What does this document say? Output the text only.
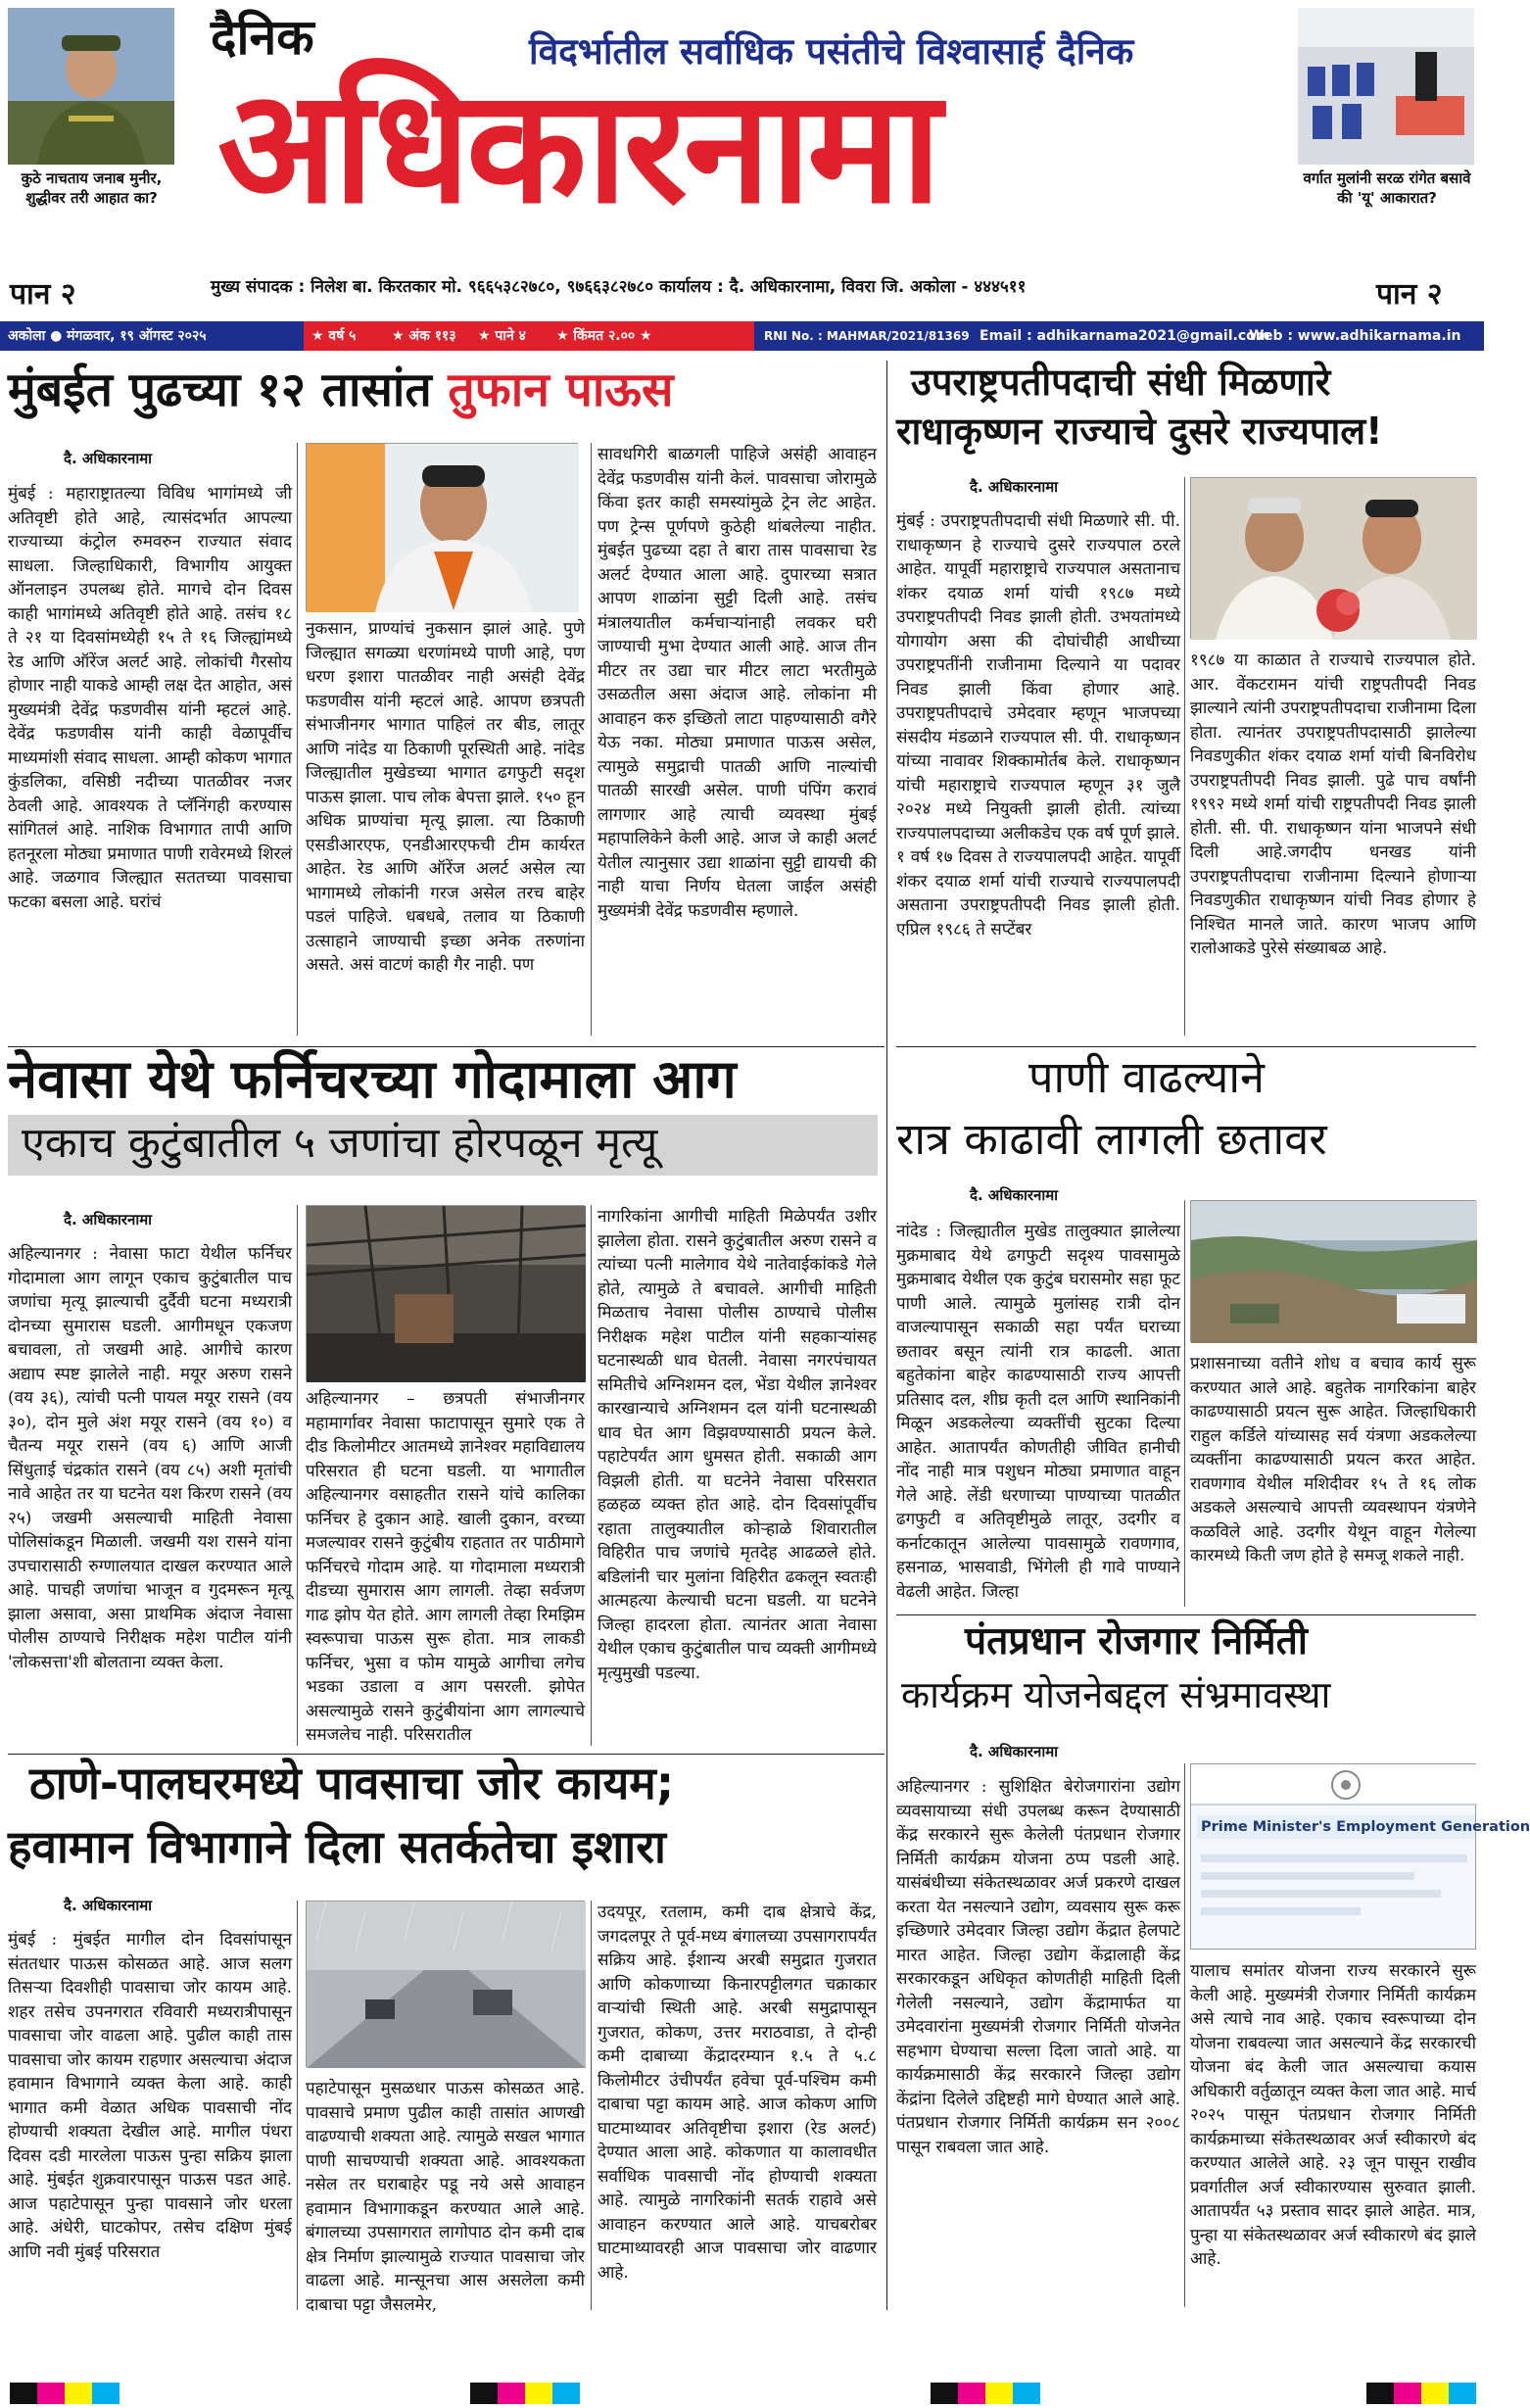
कुठे नाचताय जनाब मुनीर, शुद्धीवर तरी आहात का?
दैनिक	विदर्भातील सर्वाधिक पसंतीचे विश्वासार्ह दैनिक
अधिकारनामा	वर्गात मुलांनी सरळ रांगेत बसावे की 'यू' आकारात?
पान २	मुख्य संपादक : निलेश बा. किरतकार मो. ९६६५३८२७८०, ९७६६३८२७८० कार्यालय : दै. अधिकारनामा, विवरा जि. अकोला - ४४४५११	पान २
अकोला ● मंगळवार, १९ ऑगस्ट २०२५	★ वर्ष ५	★ अंक ११३ ★ पाने ४ ★ किंमत २.०० ★	RNI No. : MAHMAR/2021/81369 Email : adhikarnama2021@gmail.com
Web : www.adhikarnama.in
मुंबईत पुढच्या १२ तासांत तुफान पाऊस
दै. अधिकारनामा
मुंबई : महाराष्ट्रातल्या विविध भागांमध्ये जी अतिवृष्टी होते आहे, त्यासंदर्भात आपल्या राज्याच्या कंट्रोल रुमवरुन राज्यात संवाद साधला. जिल्हाधिकारी, विभागीय आयुक्त ऑनलाइन उपलब्ध होते. मागचे दोन दिवस काही भागांमध्ये अतिवृष्टी होते आहे. तसंच १८ ते २१ या दिवसांमध्येही १५ ते १६ जिल्ह्यांमध्ये रेड आणि ऑरेंज अलर्ट आहे. लोकांची गैरसोय होणार नाही याकडे आम्ही लक्ष देत आहोत, असं मुख्यमंत्री देवेंद्र फडणवीस यांनी म्हटलं आहे. देवेंद्र फडणवीस यांनी काही वेळापूर्वीच माध्यमांशी संवाद साधला. आम्ही कोकण भागात कुंडलिका, वसिष्ठी नदीच्या पातळीवर नजर ठेवली आहे. आवश्यक ते प्लॅनिंगही करण्यास सांगितलं आहे. नाशिक विभागात तापी आणि हतनूरला मोठ्या प्रमाणात पाणी रावेरमध्ये शिरलं आहे. जळगाव जिल्ह्यात सततच्या पावसाचा फटका बसला आहे. घरांचं
नुकसान, प्राण्यांचं नुकसान झालं आहे. पुणे जिल्ह्यात सगळ्या धरणांमध्ये पाणी आहे, पण धरण इशारा पातळीवर नाही असंही देवेंद्र फडणवीस यांनी म्हटलं आहे. आपण छत्रपती संभाजीनगर भागात पाहिलं तर बीड, लातूर आणि नांदेड या ठिकाणी पूरस्थिती आहे. नांदेड जिल्ह्यातील मुखेडच्या भागात ढगफुटी सदृश पाऊस झाला. पाच लोक बेपत्ता झाले. १५० हून अधिक प्राण्यांचा मृत्यू झाला. त्या ठिकाणी एसडीआरएफ, एनडीआरएफची टीम कार्यरत आहेत. रेड आणि ऑरेंज अलर्ट असेल त्या भागामध्ये लोकांनी गरज असेल तरच बाहेर पडलं पाहिजे. धबधबे, तलाव या ठिकाणी उत्साहाने जाण्याची इच्छा अनेक तरुणांना असते. असं वाटणं काही गैर नाही. पण
सावधगिरी बाळगली पाहिजे असंही आवाहन देवेंद्र फडणवीस यांनी केलं. पावसाचा जोरामुळे किंवा इतर काही समस्यांमुळे ट्रेन लेट आहेत. पण ट्रेन्स पूर्णपणे कुठेही थांबलेल्या नाहीत. मुंबईत पुढच्या दहा ते बारा तास पावसाचा रेड अलर्ट देण्यात आला आहे. दुपारच्या सत्रात आपण शाळांना सुट्टी दिली आहे. तसंच मंत्रालयातील कर्मचाऱ्यांनाही लवकर घरी जाण्याची मुभा देण्यात आली आहे. आज तीन मीटर तर उद्या चार मीटर लाटा भरतीमुळे उसळतील असा अंदाज आहे. लोकांना मी आवाहन करु इच्छितो लाटा पाहण्यासाठी वगैरे येऊ नका. मोठ्या प्रमाणात पाऊस असेल, त्यामुळे समुद्राची पातळी आणि नाल्यांची पातळी सारखी असेल. पाणी पंपिंग करावं लागणार आहे त्याची व्यवस्था मुंबई महापालिकेने केली आहे. आज जे काही अलर्ट येतील त्यानुसार उद्या शाळांना सुट्टी द्यायची की नाही याचा निर्णय घेतला जाईल असंही मुख्यमंत्री देवेंद्र फडणवीस म्हणाले.
उपराष्ट्रपतीपदाची संधी मिळणारे
राधाकृष्णन राज्याचे दुसरे राज्यपाल!
दै. अधिकारनामा
मुंबई : उपराष्ट्रपतीपदाची संधी मिळणारे सी. पी. राधाकृष्णन हे राज्याचे दुसरे राज्यपाल ठरले आहेत. यापूर्वी महाराष्ट्राचे राज्यपाल असतानाच शंकर दयाळ शर्मा यांची १९८७ मध्ये उपराष्ट्रपतीपदी निवड झाली होती. उभयतांमध्ये योगायोग असा की दोघांचीही आधीच्या उपराष्ट्रपतींनी राजीनामा दिल्याने या पदावर निवड झाली किंवा होणार आहे. उपराष्ट्रपतीपदाचे उमेदवार म्हणून भाजपच्या संसदीय मंडळाने राज्यपाल सी. पी. राधाकृष्णन यांच्या नावावर शिक्कामोर्तब केले. राधाकृष्णन यांची महाराष्ट्राचे राज्यपाल म्हणून ३१ जुलै २०२४ मध्ये नियुक्ती झाली होती. त्यांच्या राज्यपालपदाच्या अलीकडेच एक वर्ष पूर्ण झाले. १ वर्ष १७ दिवस ते राज्यपालपदी आहेत. यापूर्वी शंकर दयाळ शर्मा यांची राज्याचे राज्यपालपदी असताना उपराष्ट्रपतीपदी निवड झाली होती. एप्रिल १९८६ ते सप्टेंबर
१९८७ या काळात ते राज्याचे राज्यपाल होते. आर. वेंकटरामन यांची राष्ट्रपतीपदी निवड झाल्याने त्यांनी उपराष्ट्रपतीपदाचा राजीनामा दिला होता. त्यानंतर उपराष्ट्रपतीपदासाठी झालेल्या निवडणुकीत शंकर दयाळ शर्मा यांची बिनविरोध उपराष्ट्रपतीपदी निवड झाली. पुढे पाच वर्षांनी १९९२ मध्ये शर्मा यांची राष्ट्रपतीपदी निवड झाली होती. सी. पी. राधाकृष्णन यांना भाजपने संधी दिली आहे.जगदीप धनखड यांनी उपराष्ट्रपतीपदाचा राजीनामा दिल्याने होणाऱ्या निवडणुकीत राधाकृष्णन यांची निवड होणार हे निश्चित मानले जाते. कारण भाजप आणि रालोआकडे पुरेसे संख्याबळ आहे.
नेवासा येथे फर्निचरच्या गोदामाला आग
एकाच कुटुंबातील ५ जणांचा होरपळून मृत्यू
दै. अधिकारनामा
अहिल्यानगर : नेवासा फाटा येथील फर्निचर गोदामाला आग लागून एकाच कुटुंबातील पाच जणांचा मृत्यू झाल्याची दुर्दैवी घटना मध्यरात्री दोनच्या सुमारास घडली. आगीमधून एकजण बचावला, तो जखमी आहे. आगीचे कारण अद्याप स्पष्ट झालेले नाही. मयूर अरुण रासने (वय ३६), त्यांची पत्नी पायल मयूर रासने (वय ३०), दोन मुले अंश मयूर रासने (वय १०) व चैतन्य मयूर रासने (वय ६) आणि आजी सिंधुताई चंद्रकांत रासने (वय ८५) अशी मृतांची नावे आहेत तर या घटनेत यश किरण रासने (वय २५) जखमी असल्याची माहिती नेवासा पोलिसांकडून मिळाली. जखमी यश रासने यांना उपचारासाठी रुग्णालयात दाखल करण्यात आले आहे. पाचही जणांचा भाजून व गुदमरून मृत्यू झाला असावा, असा प्राथमिक अंदाज नेवासा पोलीस ठाण्याचे निरीक्षक महेश पाटील यांनी 'लोकसत्ता'शी बोलताना व्यक्त केला.
अहिल्यानगर – छत्रपती संभाजीनगर महामार्गावर नेवासा फाटापासून सुमारे एक ते दीड किलोमीटर आतमध्ये ज्ञानेश्वर महाविद्यालय परिसरात ही घटना घडली. या भागातील अहिल्यानगर वसाहतीत रासने यांचे कालिका फर्निचर हे दुकान आहे. खाली दुकान, वरच्या मजल्यावर रासने कुटुंबीय राहतात तर पाठीमागे फर्निचरचे गोदाम आहे. या गोदामाला मध्यरात्री दीडच्या सुमारास आग लागली. तेव्हा सर्वजण गाढ झोप येत होते. आग लागली तेव्हा रिमझिम स्वरूपाचा पाऊस सुरू होता. मात्र लाकडी फर्निचर, भुसा व फोम यामुळे आगीचा लगेच भडका उडाला व आग पसरली. झोपेत असल्यामुळे रासने कुटुंबीयांना आग लागल्याचे समजलेच नाही. परिसरातील
नागरिकांना आगीची माहिती मिळेपर्यंत उशीर झालेला होता. रासने कुटुंबातील अरुण रासने व त्यांच्या पत्नी मालेगाव येथे नातेवाईकांकडे गेले होते, त्यामुळे ते बचावले. आगीची माहिती मिळताच नेवासा पोलीस ठाण्याचे पोलीस निरीक्षक महेश पाटील यांनी सहकाऱ्यांसह घटनास्थळी धाव घेतली. नेवासा नगरपंचायत समितीचे अग्निशमन दल, भेंडा येथील ज्ञानेश्वर कारखान्याचे अग्निशमन दल यांनी घटनास्थळी धाव घेत आग विझवण्यासाठी प्रयत्न केले. पहाटेपर्यंत आग धुमसत होती. सकाळी आग विझली होती. या घटनेने नेवासा परिसरात हळहळ व्यक्त होत आहे. दोन दिवसांपूर्वीच रहाता तालुक्यातील कोऱ्हाळे शिवारातील विहिरीत पाच जणांचे मृतदेह आढळले होते. बडिलांनी चार मुलांना विहिरीत ढकलून स्वतःही आत्महत्या केल्याची घटना घडली. या घटनेने जिल्हा हादरला होता. त्यानंतर आता नेवासा येथील एकाच कुटुंबातील पाच व्यक्ती आगीमध्ये मृत्युमुखी पडल्या.
पाणी वाढल्याने
रात्र काढावी लागली छतावर
दै. अधिकारनामा
नांदेड : जिल्ह्यातील मुखेड तालुक्यात झालेल्या मुक्रमाबाद येथे ढगफुटी सदृश्य पावसामुळे मुक्रमाबाद येथील एक कुटुंब घरासमोर सहा फूट पाणी आले. त्यामुळे मुलांसह रात्री दोन वाजल्यापासून सकाळी सहा पर्यंत घराच्या छतावर बसून त्यांनी रात्र काढली. आता बहुतेकांना बाहेर काढण्यासाठी राज्य आपत्ती प्रतिसाद दल, शीघ्र कृती दल आणि स्थानिकांनी मिळून अडकलेल्या व्यक्तींची सुटका दिल्या आहेत. आतापर्यंत कोणतीही जीवित हानीची नोंद नाही मात्र पशुधन मोठ्या प्रमाणात वाहून गेले आहे. लेंडी धरणाच्या पाण्याच्या पातळीत ढगफुटी व अतिवृष्टीमुळे लातूर, उदगीर व कर्नाटकातून आलेल्या पावसामुळे रावणगाव, हसनाळ, भासवाडी, भिंगेली ही गावे पाण्याने वेढली आहेत. जिल्हा
प्रशासनाच्या वतीने शोध व बचाव कार्य सुरू करण्यात आले आहे. बहुतेक नागरिकांना बाहेर काढण्यासाठी प्रयत्न सुरू आहेत. जिल्हाधिकारी राहुल कर्डिले यांच्यासह सर्व यंत्रणा अडकलेल्या व्यक्तींना काढण्यासाठी प्रयत्न करत आहेत. रावणगाव येथील मशिदीवर १५ ते १६ लोक अडकले असल्याचे आपत्ती व्यवस्थापन यंत्रणेने कळविले आहे. उदगीर येथून वाहून गेलेल्या कारमध्ये किती जण होते हे समजू शकले नाही.
पंतप्रधान रोजगार निर्मिती
कार्यक्रम योजनेबद्दल संभ्रमावस्था
दै. अधिकारनामा
अहिल्यानगर : सुशिक्षित बेरोजगारांना उद्योग व्यवसायाच्या संधी उपलब्ध करून देण्यासाठी केंद्र सरकारने सुरू केलेली पंतप्रधान रोजगार निर्मिती कार्यक्रम योजना ठप्प पडली आहे. यासंबंधीच्या संकेतस्थळावर अर्ज प्रकरणे दाखल करता येत नसल्याने उद्योग, व्यवसाय सुरू करू इच्छिणारे उमेदवार जिल्हा उद्योग केंद्रात हेलपाटे मारत आहेत. जिल्हा उद्योग केंद्रालाही केंद्र सरकारकडून अधिकृत कोणतीही माहिती दिली गेलेली नसल्याने, उद्योग केंद्रामार्फत या उमेदवारांना मुख्यमंत्री रोजगार निर्मिती योजनेत सहभाग घेण्याचा सल्ला दिला जातो आहे. या कार्यक्रमासाठी केंद्र सरकारने जिल्हा उद्योग केंद्रांना दिलेले उद्दिष्टही मागे घेण्यात आले आहे. पंतप्रधान रोजगार निर्मिती कार्यक्रम सन २००८ पासून राबवला जात आहे.
Prime Minister's Employment Generation
यालाच समांतर योजना राज्य सरकारने सुरू केली आहे. मुख्यमंत्री रोजगार निर्मिती कार्यक्रम असे त्याचे नाव आहे. एकाच स्वरूपाच्या दोन योजना राबवल्या जात असल्याने केंद्र सरकारची योजना बंद केली जात असल्याचा कयास अधिकारी वर्तुळातून व्यक्त केला जात आहे. मार्च २०२५ पासून पंतप्रधान रोजगार निर्मिती कार्यक्रमाच्या संकेतस्थळावर अर्ज स्वीकारणे बंद करण्यात आलेले आहे. २३ जून पासून राखीव प्रवर्गातील अर्ज स्वीकारण्यास सुरुवात झाली. आतापर्यंत ५३ प्रस्ताव सादर झाले आहेत. मात्र, पुन्हा या संकेतस्थळावर अर्ज स्वीकारणे बंद झाले आहे.
ठाणे-पालघरमध्ये पावसाचा जोर कायम;
हवामान विभागाने दिला सतर्कतेचा इशारा
दै. अधिकारनामा
मुंबई : मुंबईत मागील दोन दिवसांपासून संततधार पाऊस कोसळत आहे. आज सलग तिसऱ्या दिवशीही पावसाचा जोर कायम आहे. शहर तसेच उपनगरात रविवारी मध्यरात्रीपासून पावसाचा जोर वाढला आहे. पुढील काही तास पावसाचा जोर कायम राहणार असल्याचा अंदाज हवामान विभागाने व्यक्त केला आहे. काही भागात कमी वेळात अधिक पावसाची नोंद होण्याची शक्यता देखील आहे. मागील पंधरा दिवस दडी मारलेला पाऊस पुन्हा सक्रिय झाला आहे. मुंबईत शुक्रवारपासून पाऊस पडत आहे. आज पहाटेपासून पुन्हा पावसाने जोर धरला आहे. अंधेरी, घाटकोपर, तसेच दक्षिण मुंबई आणि नवी मुंबई परिसरात
पहाटेपासून मुसळधार पाऊस कोसळत आहे. पावसाचे प्रमाण पुढील काही तासांत आणखी वाढण्याची शक्यता आहे. त्यामुळे सखल भागात पाणी साचण्याची शक्यता आहे. आवश्यकता नसेल तर घराबाहेर पडू नये असे आवाहन हवामान विभागाकडून करण्यात आले आहे. बंगालच्या उपसागरात लागोपाठ दोन कमी दाब क्षेत्र निर्माण झाल्यामुळे राज्यात पावसाचा जोर वाढला आहे. मान्सूनचा आस असलेला कमी दाबाचा पट्टा जैसलमेर,
उदयपूर, रतलाम, कमी दाब क्षेत्राचे केंद्र, जगदलपूर ते पूर्व-मध्य बंगालच्या उपसागरापर्यंत सक्रिय आहे. ईशान्य अरबी समुद्रात गुजरात आणि कोकणाच्या किनारपट्टीलगत चक्राकार वाऱ्यांची स्थिती आहे. अरबी समुद्रापासून गुजरात, कोकण, उत्तर मराठवाडा, ते दोन्ही कमी दाबाच्या केंद्रादरम्यान १.५ ते ५.८ किलोमीटर उंचीपर्यंत हवेचा पूर्व-पश्चिम कमी दाबाचा पट्टा कायम आहे. आज कोकण आणि घाटमाथ्यावर अतिवृष्टीचा इशारा (रेड अलर्ट) देण्यात आला आहे. कोकणात या कालावधीत सर्वाधिक पावसाची नोंद होण्याची शक्यता आहे. त्यामुळे नागरिकांनी सतर्क राहावे असे आवाहन करण्यात आले आहे. याचबरोबर घाटमाथ्यावरही आज पावसाचा जोर वाढणार आहे.
